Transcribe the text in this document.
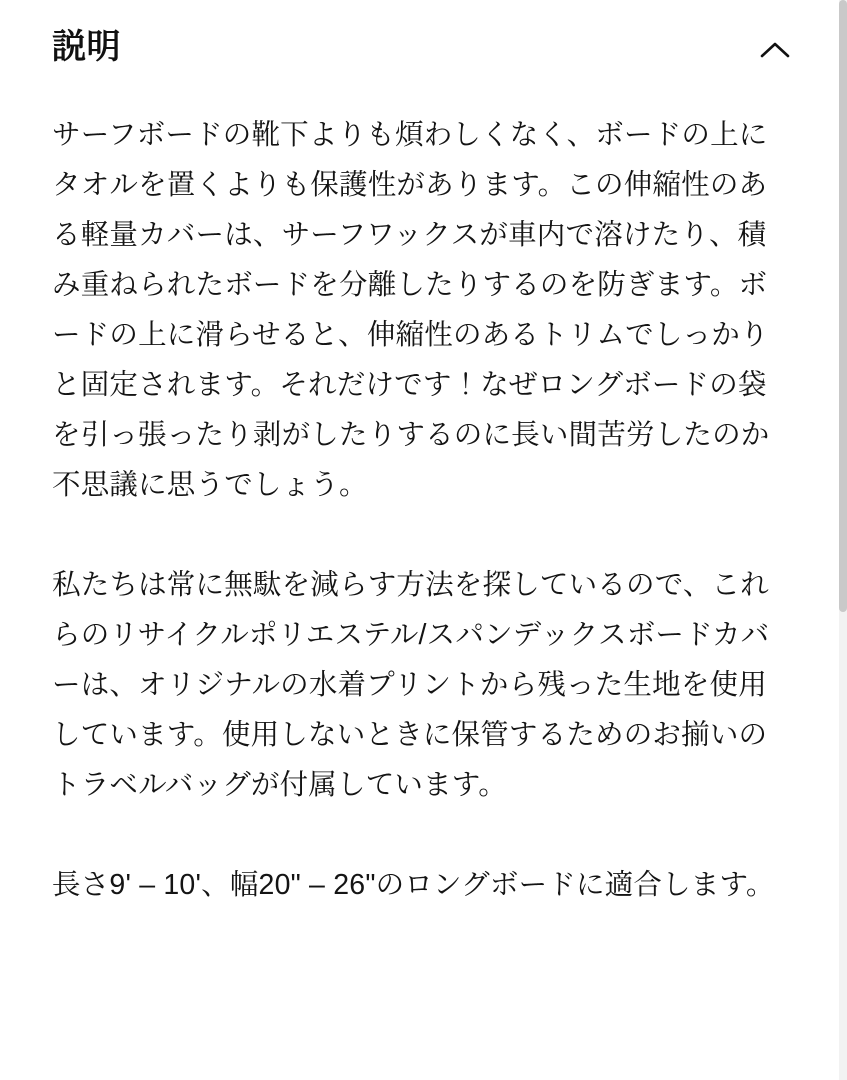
説明

サーフボードの靴下よりも煩わしくなく、ボードの上にタオルを置くよりも保護性があります。この伸縮性のある軽量カバーは、サーフワックスが車内で溶けたり、積み重ねられたボードを分離したりするのを防ぎます。ボードの上に滑らせると、伸縮性のあるトリムでしっかりと固定されます。それだけです！なぜロングボードの袋を引っ張ったり剥がしたりするのに長い間苦労したのか不思議に思うでしょう。

私たちは常に無駄を減らす方法を探しているので、これらのリサイクルポリエステル/スパンデックスボードカバーは、オリジナルの水着プリントから残った生地を使用しています。使用しないときに保管するためのお揃いのトラベルバッグが付属しています。

長さ9' – 10'、幅20" – 26"のロングボードに適合します。
